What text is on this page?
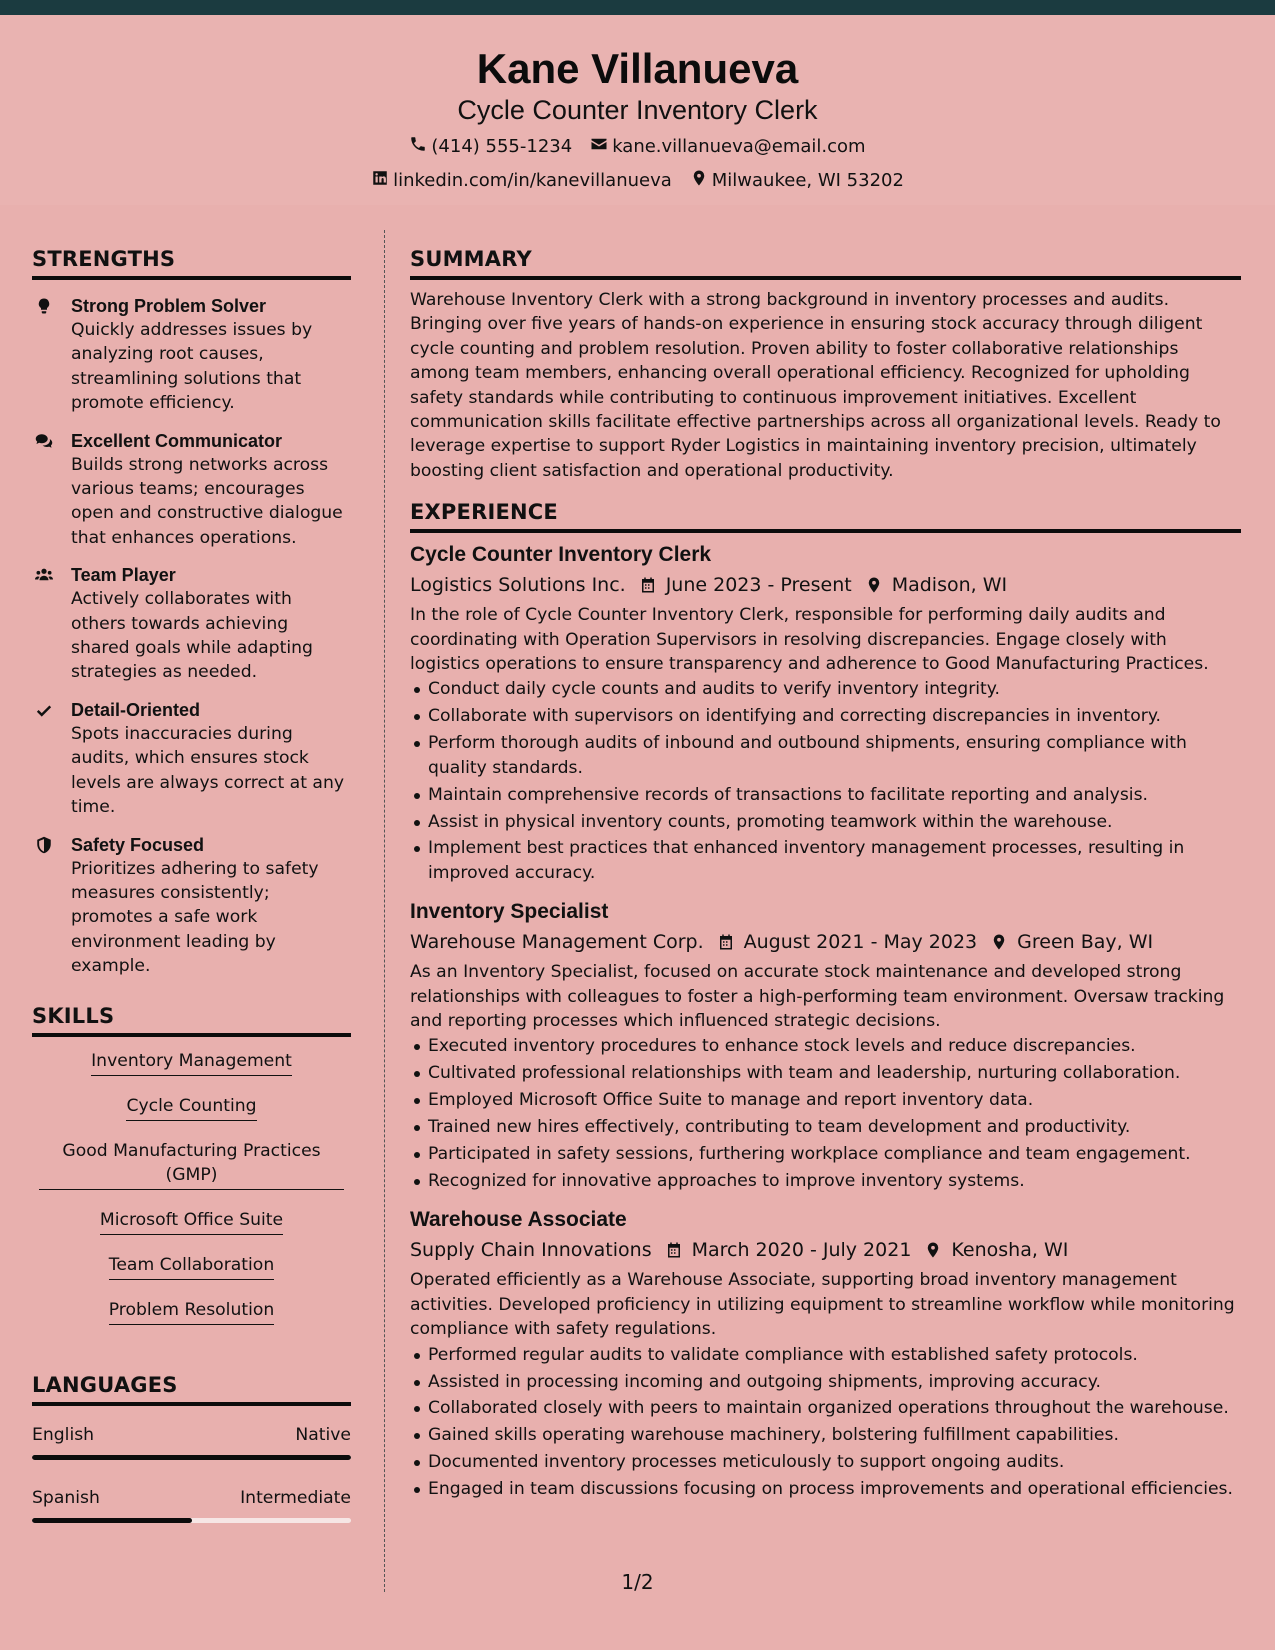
Kane Villanueva
Cycle Counter Inventory Clerk
(414) 555-1234 kane.villanueva@email.com
linkedin.com/in/kanevillanueva Milwaukee, WI 53202
STRENGTHS
Strong Problem Solver
Quickly addresses issues by analyzing root causes, streamlining solutions that promote efficiency.
Excellent Communicator
Builds strong networks across various teams; encourages open and constructive dialogue that enhances operations.
Team Player
Actively collaborates with others towards achieving shared goals while adapting strategies as needed.
Detail-Oriented
Spots inaccuracies during audits, which ensures stock levels are always correct at any time.
Safety Focused
Prioritizes adhering to safety measures consistently; promotes a safe work environment leading by example.
SKILLS
Inventory Management
Cycle Counting
Good Manufacturing Practices (GMP)
Microsoft Office Suite
Team Collaboration
Problem Resolution
LANGUAGES
English	Native
Spanish	Intermediate
SUMMARY

Warehouse Inventory Clerk with a strong background in inventory processes and audits. Bringing over five years of hands-on experience in ensuring stock accuracy through diligent cycle counting and problem resolution. Proven ability to foster collaborative relationships among team members, enhancing overall operational efficiency. Recognized for upholding safety standards while contributing to continuous improvement initiatives. Excellent communication skills facilitate effective partnerships across all organizational levels. Ready to leverage expertise to support Ryder Logistics in maintaining inventory precision, ultimately boosting client satisfaction and operational productivity.

EXPERIENCE
Cycle Counter Inventory Clerk
Logistics Solutions Inc. June 2023 - Present Madison, WI

In the role of Cycle Counter Inventory Clerk, responsible for performing daily audits and coordinating with Operation Supervisors in resolving discrepancies. Engage closely with logistics operations to ensure transparency and adherence to Good Manufacturing Practices.

Conduct daily cycle counts and audits to verify inventory integrity.
Collaborate with supervisors on identifying and correcting discrepancies in inventory.
Perform thorough audits of inbound and outbound shipments, ensuring compliance with quality standards.
Maintain comprehensive records of transactions to facilitate reporting and analysis.
Assist in physical inventory counts, promoting teamwork within the warehouse.
Implement best practices that enhanced inventory management processes, resulting in improved accuracy.
Inventory Specialist
Warehouse Management Corp. August 2021 - May 2023 Green Bay, WI

As an Inventory Specialist, focused on accurate stock maintenance and developed strong relationships with colleagues to foster a high-performing team environment. Oversaw tracking and reporting processes which influenced strategic decisions.

Executed inventory procedures to enhance stock levels and reduce discrepancies.
Cultivated professional relationships with team and leadership, nurturing collaboration.
Employed Microsoft Office Suite to manage and report inventory data.
Trained new hires effectively, contributing to team development and productivity.
Participated in safety sessions, furthering workplace compliance and team engagement.
Recognized for innovative approaches to improve inventory systems.
Warehouse Associate
Supply Chain Innovations March 2020 - July 2021 Kenosha, WI

Operated efficiently as a Warehouse Associate, supporting broad inventory management activities. Developed proficiency in utilizing equipment to streamline workflow while monitoring compliance with safety regulations.

Performed regular audits to validate compliance with established safety protocols.
Assisted in processing incoming and outgoing shipments, improving accuracy.
Collaborated closely with peers to maintain organized operations throughout the warehouse.
Gained skills operating warehouse machinery, bolstering fulfillment capabilities.
Documented inventory processes meticulously to support ongoing audits.
Engaged in team discussions focusing on process improvements and operational efficiencies.
1/2
